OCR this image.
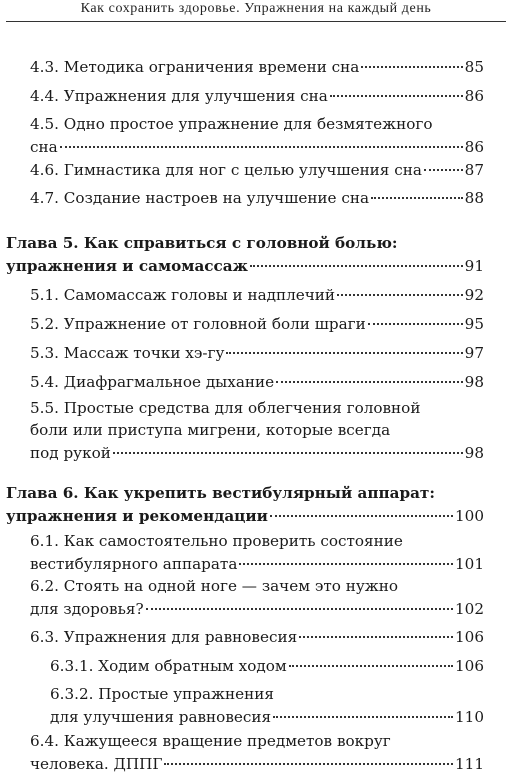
Как сохранить здоровье. Упражнения на каждый день
4.3. Методика ограничения времени сна	85
4.4. Упражнения для улучшения сна	86
4.5. Одно простое упражнение для безмятежного
сна	86
4.6. Гимнастика для ног с целью улучшения сна	87
4.7. Создание настроев на улучшение сна	88
Глава 5. Как справиться с головной болью:
упражнения и самомассаж	91
5.1. Самомассаж головы и надплечий	92
5.2. Упражнение от головной боли шраги	95
5.3. Массаж точки хэ-гу	97
5.4. Диафрагмальное дыхание	98
5.5. Простые средства для облегчения головной
боли или приступа мигрени, которые всегда
под рукой	98
Глава 6. Как укрепить вестибулярный аппарат:
упражнения и рекомендации	100
6.1. Как самостоятельно проверить состояние
вестибулярного аппарата	101
6.2. Стоять на одной ноге — зачем это нужно
для здоровья?	102
6.3. Упражнения для равновесия	106
6.3.1. Ходим обратным ходом	106
6.3.2. Простые упражнения
для улучшения равновесия	110
6.4. Кажущееся вращение предметов вокруг
человека. ДППГ	111
